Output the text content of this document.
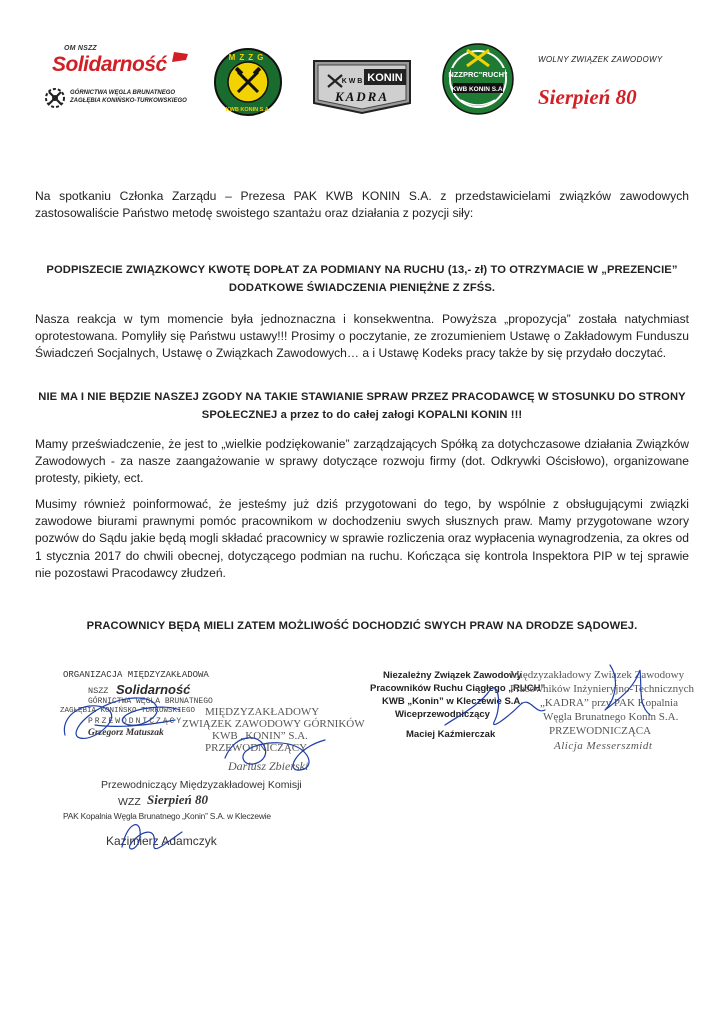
OM NSZZ
Solidarność
GÓRNICTWA WĘGLA BRUNATNEGO
ZAGŁĘBIA KONIŃSKO-TURKOWSKIEGO
MZZG
KWB KONIN S.A.
KONIN
K W B
KADRA
NZZPRC"RUCH"
KWB KONIN S.A.
WOLNY ZWIĄZEK ZAWODOWY
Sierpień 80
Na spotkaniu Członka Zarządu – Prezesa PAK KWB KONIN S.A. z przedstawicielami związków zawodowych zastosowaliście Państwo metodę swoistego szantażu oraz działania z pozycji siły:
PODPISZECIE ZWIĄZKOWCY KWOTĘ DOPŁAT ZA PODMIANY NA RUCHU (13,- zł) TO OTRZYMACIE W „PREZENCIE” DODATKOWE ŚWIADCZENIA PIENIĘŻNE Z ZFŚS.
Nasza reakcja w tym momencie była jednoznaczna i konsekwentna. Powyższa „propozycja” została natychmiast oprotestowana. Pomyliły się Państwu ustawy!!! Prosimy o poczytanie, ze zrozumieniem Ustawę o Zakładowym Funduszu Świadczeń Socjalnych, Ustawę o Związkach Zawodowych… a i Ustawę Kodeks pracy także by się przydało doczytać.
NIE MA I NIE BĘDZIE NASZEJ ZGODY NA TAKIE STAWIANIE SPRAW PRZEZ PRACODAWCĘ W STOSUNKU DO STRONY SPOŁECZNEJ a przez to do całej załogi KOPALNI KONIN !!!
Mamy przeświadczenie, że jest to „wielkie podziękowanie” zarządzających Spółką za dotychczasowe działania Związków Zawodowych - za nasze zaangażowanie w sprawy dotyczące rozwoju firmy (dot. Odkrywki Ościsłowo), organizowane protesty, pikiety, ect.
Musimy również poinformować, że jesteśmy już dziś przygotowani do tego, by wspólnie z obsługującymi związki zawodowe biurami prawnymi pomóc pracownikom w dochodzeniu swych słusznych praw. Mamy przygotowane wzory pozwów do Sądu jakie będą mogli składać pracownicy w sprawie rozliczenia oraz wypłacenia wynagrodzenia, za okres od 1 stycznia 2017 do chwili obecnej, dotyczącego podmian na ruchu. Kończąca się kontrola Inspektora PIP w tej sprawie nie pozostawi Pracodawcy złudzeń.
PRACOWNICY BĘDĄ MIELI ZATEM MOŻLIWOŚĆ DOCHODZIĆ SWYCH PRAW NA DRODZE SĄDOWEJ.
ORGANIZACJA MIĘDZYZAKŁADOWA
NSZZ Solidarność
GÓRNICTWA WĘGLA BRUNATNEGO
ZAGŁĘBIA KONIŃSKO-TURKOWSKIEGO
PRZEWODNICZĄCY
Grzegorz Matuszak
MIĘDZYZAKŁADOWY
ZWIĄZEK ZAWODOWY GÓRNIKÓW
KWB „KONIN” S.A.
PRZEWODNICZĄCY
Dariusz Zbierski
Przewodniczący Międzyzakładowej Komisji
WZZ Sierpień 80
PAK Kopalnia Węgla Brunatnego „Konin” S.A. w Kleczewie
Kazimierz Adamczyk
Niezależny Związek Zawodowy
Pracowników Ruchu Ciągłego „RUCH”
KWB „Konin” w Kleczewie S.A.
Wiceprzewodniczący
Maciej Kaźmierczak
Międzyzakładowy Związek Zawodowy
Pracowników Inżynieryjno-Technicznych
„KADRA” przy PAK Kopalnia
Węgla Brunatnego Konin S.A.
PRZEWODNICZĄCA
Alicja Messerszmidt
